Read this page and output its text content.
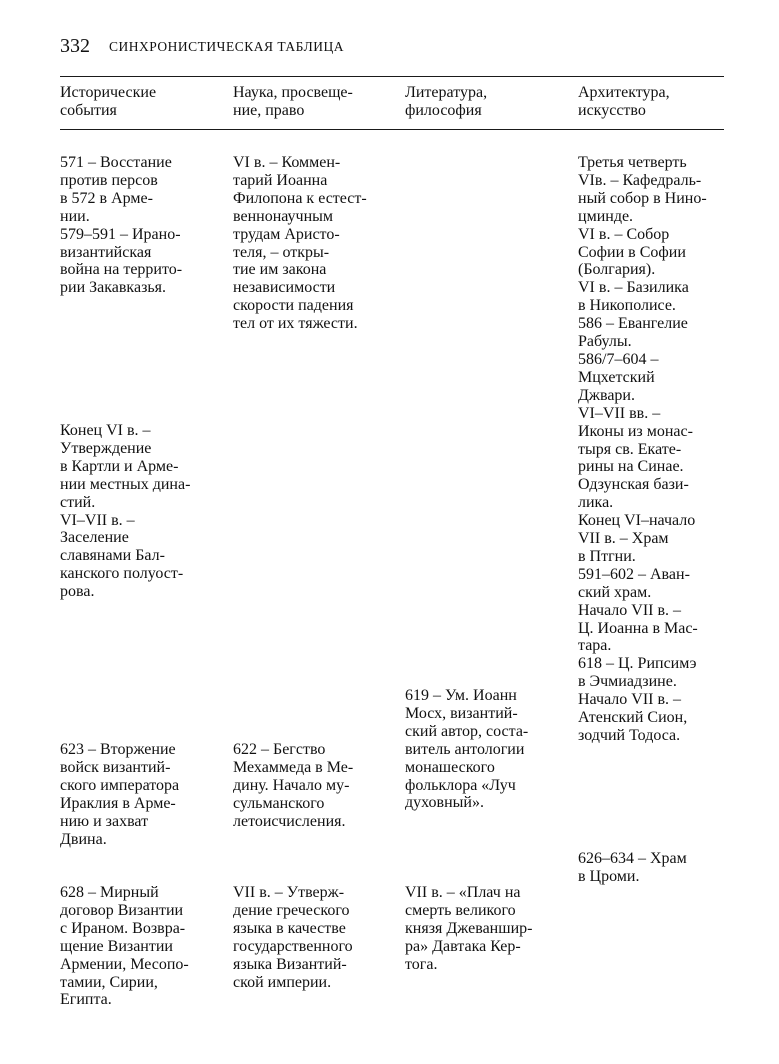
332 СИНХРОНИСТИЧЕСКАЯ ТАБЛИЦА
Исторические
события
Наука, просвеще-
ние, право
Литература,
философия
Архитектура,
искусство
571 – Восстание
против персов
в 572 в Арме-
нии.
579–591 – Ирано-
византийская
война на террито-
рии Закавказья.
Конец VI в. –
Утверждение
в Картли и Арме-
нии местных дина-
стий.
VI–VII в. –
Заселение
славянами Бал-
канского полуост-
рова.
623 – Вторжение
войск византий-
ского императора
Ираклия в Арме-
нию и захват
Двина.
628 – Мирный
договор Византии
с Ираном. Возвра-
щение Византии
Армении, Месопо-
тамии, Сирии,
Египта.
VI в. – Коммен-
тарий Иоанна
Филопона к естест-
веннонаучным
трудам Аристо-
теля, – откры-
тие им закона
независимости
скорости падения
тел от их тяжести.
622 – Бегство
Мехаммеда в Ме-
дину. Начало му-
сульманского
летоисчисления.
VII в. – Утверж-
дение греческого
языка в качестве
государственного
языка Византий-
ской империи.
619 – Ум. Иоанн
Мосх, византий-
ский автор, соста-
витель антологии
монашеского
фольклора «Луч
духовный».
VII в. – «Плач на
смерть великого
князя Джеваншир-
ра» Давтака Кер-
тога.
Третья четверть
VIв. – Кафедраль-
ный собор в Нино-
цминде.
VI в. – Собор
Софии в Софии
(Болгария).
VI в. – Базилика
в Никополисе.
586 – Евангелие
Рабулы.
586/7–604 –
Мцхетский
Джвари.
VI–VII вв. –
Иконы из монас-
тыря св. Екате-
рины на Синае.
Одзунская бази-
лика.
Конец VI–начало
VII в. – Храм
в Птгни.
591–602 – Аван-
ский храм.
Начало VII в. –
Ц. Иоанна в Мас-
тара.
618 – Ц. Рипсимэ
в Эчмиадзине.
Начало VII в. –
Атенский Сион,
зодчий Тодоса.
626–634 – Храм
в Цроми.
